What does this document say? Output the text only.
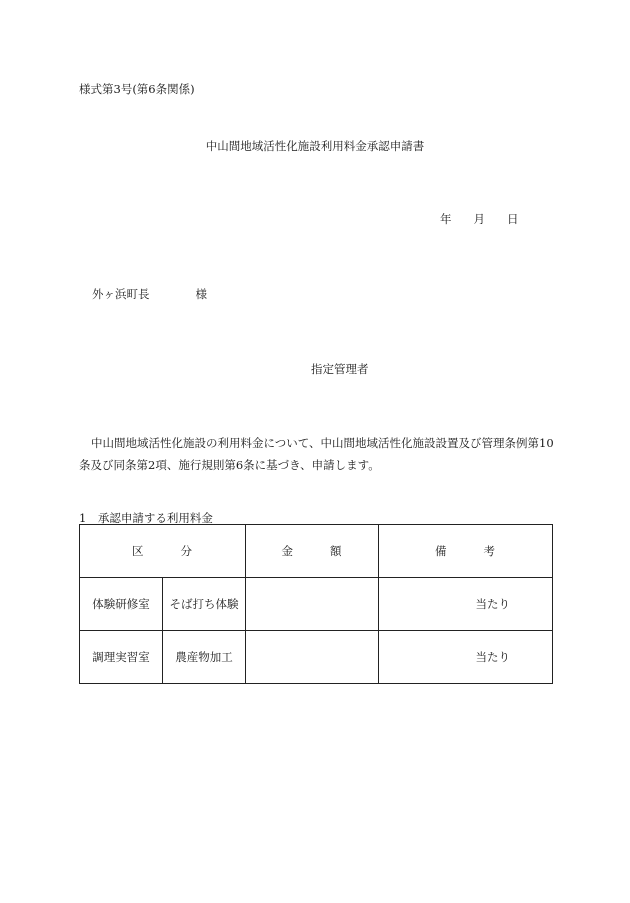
様式第3号(第6条関係)
中山間地域活性化施設利用料金承認申請書
年 月 日
外ヶ浜町長	様
指定管理者
中山間地域活性化施設の利用料金について、中山間地域活性化施設設置及び管理条例第10条及び同条第2項、施行規則第6条に基づき、申請します。
1　承認申請する利用料金
区 分		金 額	備 考
体験研修室	そば打ち体験		当たり
調理実習室	農産物加工		当たり
